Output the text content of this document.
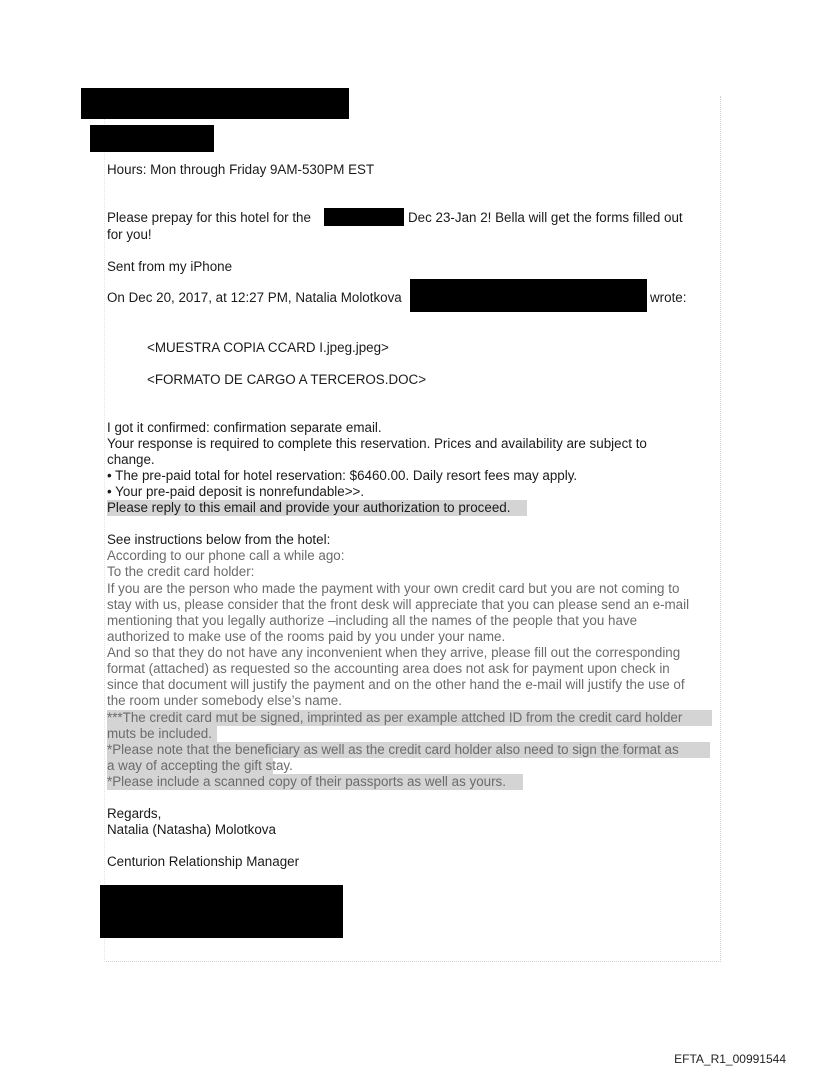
Hours: Mon through Friday 9AM-530PM EST

Please prepay for this hotel for the	Dec 23-Jan 2! Bella will get the forms filled out

for you!

Sent from my iPhone

On Dec 20, 2017, at 12:27 PM, Natalia Molotkova	wrote:

<MUESTRA COPIA CCARD I.jpeg.jpeg>

<FORMATO DE CARGO A TERCEROS.DOC>

I got it confirmed: confirmation separate email.

Your response is required to complete this reservation. Prices and availability are subject to

change.

• The pre-paid total for hotel reservation: $6460.00. Daily resort fees may apply.

• Your pre-paid deposit is nonrefundable>>.

Please reply to this email and provide your authorization to proceed.

See instructions below from the hotel:

According to our phone call a while ago:

To the credit card holder:

If you are the person who made the payment with your own credit card but you are not coming to

stay with us, please consider that the front desk will appreciate that you can please send an e-mail

mentioning that you legally authorize –including all the names of the people that you have

authorized to make use of the rooms paid by you under your name.

And so that they do not have any inconvenient when they arrive, please fill out the corresponding

format (attached) as requested so the accounting area does not ask for payment upon check in

since that document will justify the payment and on the other hand the e-mail will justify the use of

the room under somebody else’s name.

***The credit card mut be signed, imprinted as per example attched ID from the credit card holder

muts be included.

*Please note that the beneficiary as well as the credit card holder also need to sign the format as

a way of accepting the gift stay.

*Please include a scanned copy of their passports as well as yours.

Regards,

Natalia (Natasha) Molotkova

Centurion Relationship Manager

EFTA_R1_00991544
